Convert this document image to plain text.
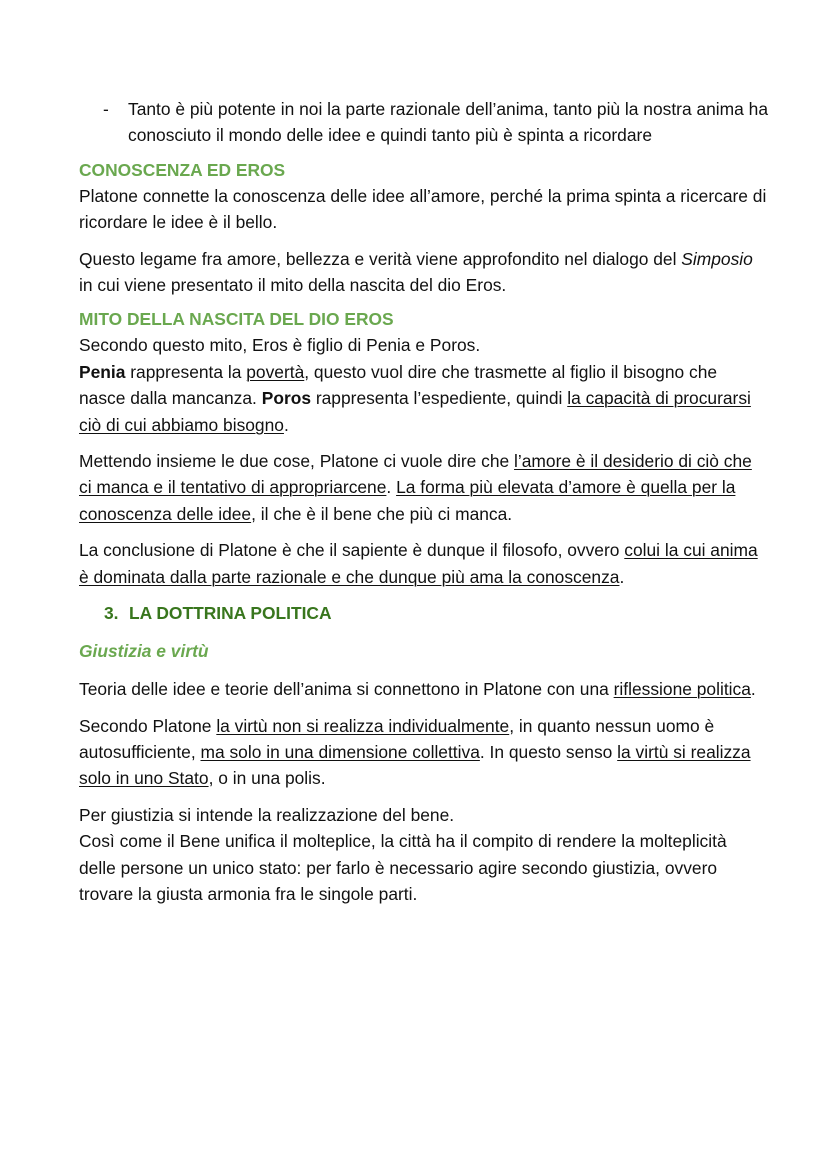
- Tanto è più potente in noi la parte razionale dell’anima, tanto più la nostra anima ha conosciuto il mondo delle idee e quindi tanto più è spinta a ricordare

CONOSCENZA ED EROS

Platone connette la conoscenza delle idee all’amore, perché la prima spinta a ricercare di ricordare le idee è il bello.

Questo legame fra amore, bellezza e verità viene approfondito nel dialogo del Simposio in cui viene presentato il mito della nascita del dio Eros.

MITO DELLA NASCITA DEL DIO EROS

Secondo questo mito, Eros è figlio di Penia e Poros.

Penia rappresenta la povertà, questo vuol dire che trasmette al figlio il bisogno che nasce dalla mancanza. Poros rappresenta l’espediente, quindi la capacità di procurarsi ciò di cui abbiamo bisogno.

Mettendo insieme le due cose, Platone ci vuole dire che l’amore è il desiderio di ciò che ci manca e il tentativo di appropriarcene. La forma più elevata d’amore è quella per la conoscenza delle idee, il che è il bene che più ci manca.

La conclusione di Platone è che il sapiente è dunque il filosofo, ovvero colui la cui anima è dominata dalla parte razionale e che dunque più ama la conoscenza.

3. LA DOTTRINA POLITICA
Giustizia e virtù

Teoria delle idee e teorie dell’anima si connettono in Platone con una riflessione politica.

Secondo Platone la virtù non si realizza individualmente, in quanto nessun uomo è autosufficiente, ma solo in una dimensione collettiva. In questo senso la virtù si realizza solo in uno Stato, o in una polis.

Per giustizia si intende la realizzazione del bene.

Così come il Bene unifica il molteplice, la città ha il compito di rendere la molteplicità delle persone un unico stato: per farlo è necessario agire secondo giustizia, ovvero trovare la giusta armonia fra le singole parti.
